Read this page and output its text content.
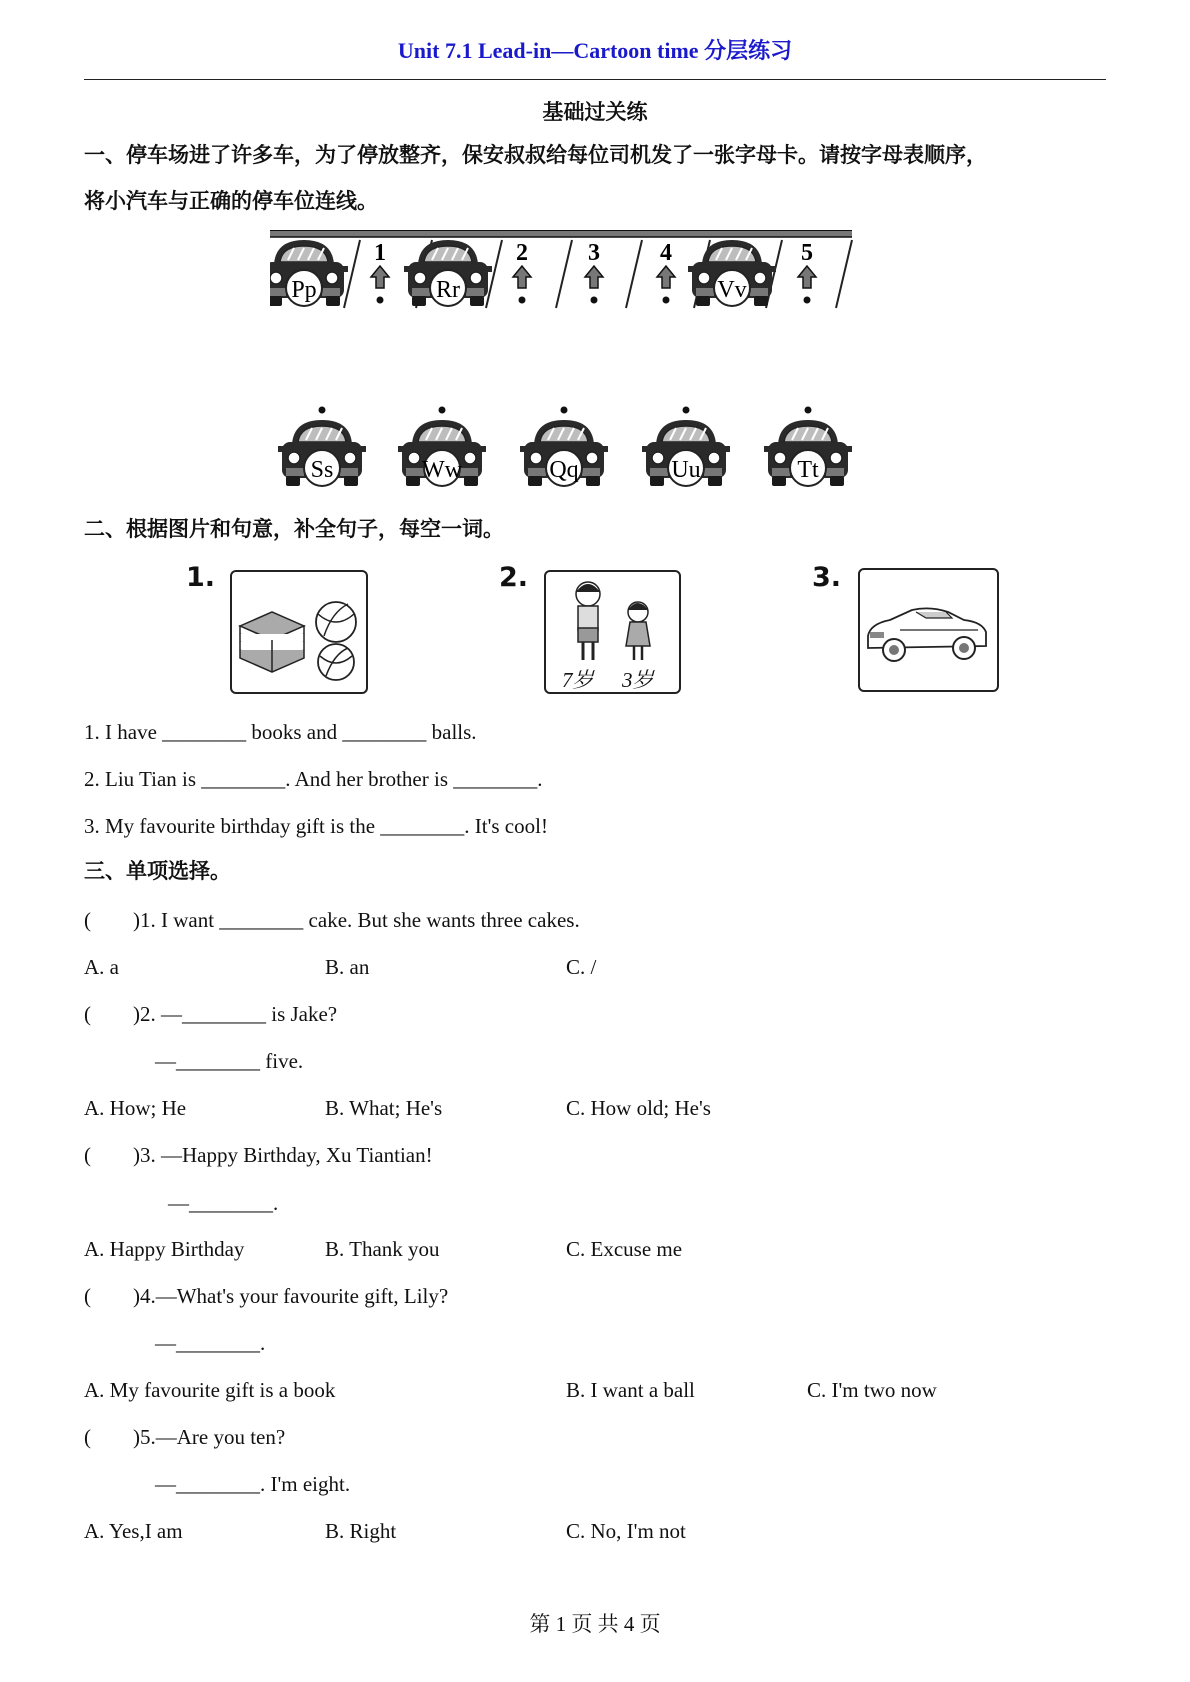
Unit 7.1 Lead-in—Cartoon time 分层练习
基础过关练
一、停车场进了许多车，为了停放整齐，保安叔叔给每位司机发了一张字母卡。请按字母表顺序，
将小汽车与正确的停车位连线。
Pp	Rr	Vv
1	2	3	4	5
Ss	Ww	Qq	Uu	Tt
二、根据图片和句意，补全句子，每空一词。
1.	2.
7岁 3岁
3.
1. I have ________ books and ________ balls.
2. Liu Tian is ________. And her brother is ________.
3. My favourite birthday gift is the ________. It's cool!
三、单项选择。
(　　)1. I want ________ cake. But she wants three cakes.
A. a	B. an	C. /
(　　)2. —________ is Jake?
—________ five.
A. How; He	B. What; He's	C. How old; He's
(　　)3. —Happy Birthday, Xu Tiantian!
—________.
A. Happy Birthday	B. Thank you	C. Excuse me
(　　)4.—What's your favourite gift, Lily?
—________.
A. My favourite gift is a book	B. I want a ball	C. I'm two now
(　　)5.—Are you ten?
—________. I'm eight.
A. Yes,I am	B. Right	C. No, I'm not
第 1 页 共 4 页
